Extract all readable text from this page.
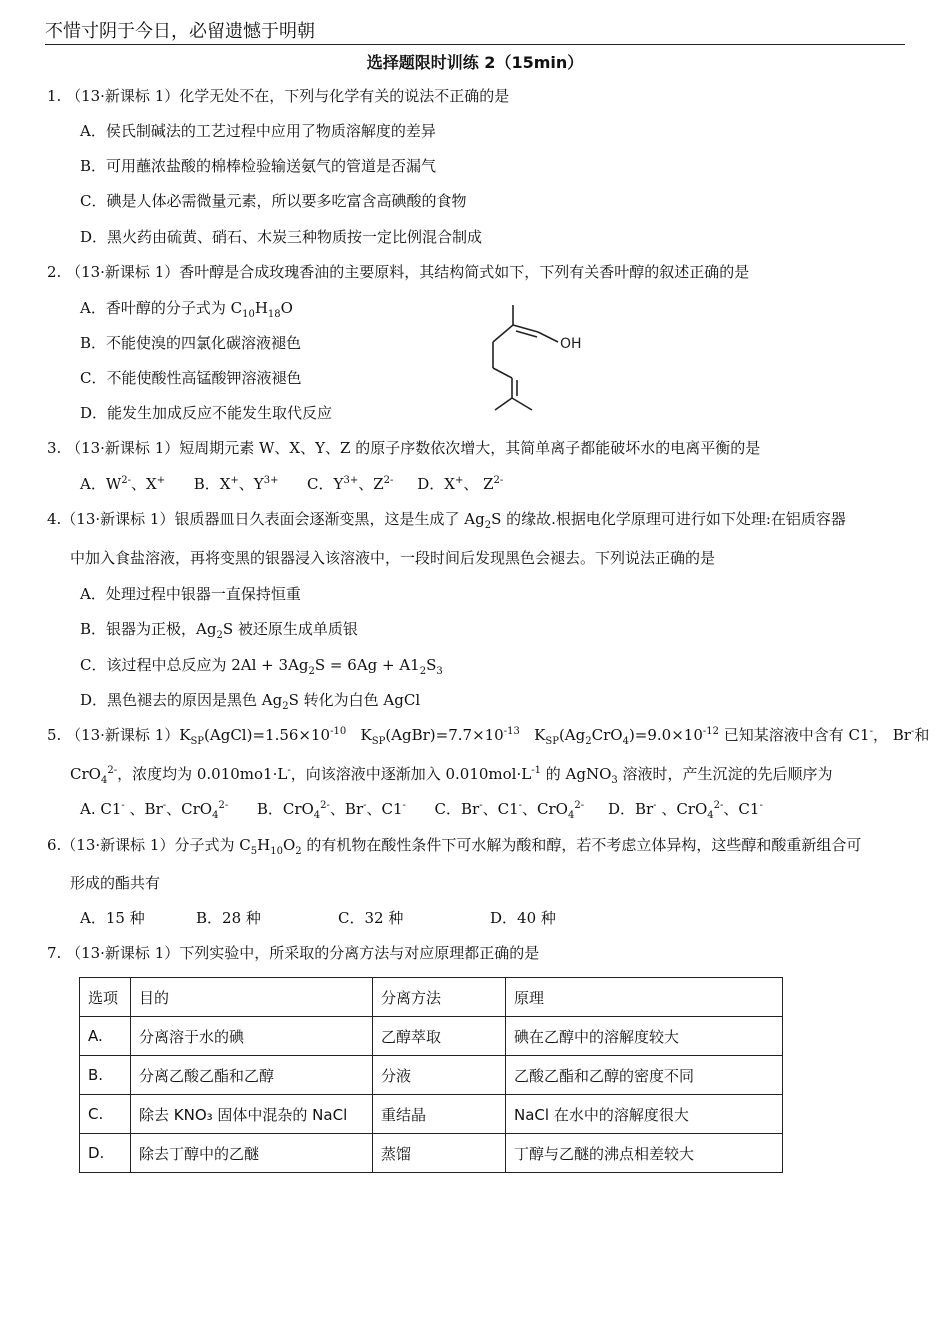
不惜寸阴于今日，必留遗憾于明朝
选择题限时训练 2（15min）
1. （13·新课标 1）化学无处不在，下列与化学有关的说法不正确的是
A．侯氏制碱法的工艺过程中应用了物质溶解度的差异
B．可用蘸浓盐酸的棉棒检验输送氨气的管道是否漏气
C．碘是人体必需微量元素，所以要多吃富含高碘酸的食物
D．黑火药由硫黄、硝石、木炭三种物质按一定比例混合制成
2. （13·新课标 1）香叶醇是合成玫瑰香油的主要原料，其结构简式如下，下列有关香叶醇的叙述正确的是
A．香叶醇的分子式为 $C_{10}H_{18}O$
B．不能使溴的四氯化碳溶液褪色
C．不能使酸性高锰酸钾溶液褪色
D．能发生加成反应不能发生取代反应
OH
3. （13·新课标 1）短周期元素 W、X、Y、Z 的原子序数依次增大，其简单离子都能破坏水的电离平衡的是
A．$W^{2-}$、X+      B．X+、$Y^{3+}$      C．$Y^{3+}$、$Z^{2-}$     D．X+、 $Z^{2-}$
4.（13·新课标 1）银质器皿日久表面会逐渐变黑，这是生成了 $Ag_2S$ 的缘故.根据电化学原理可进行如下处理:在铝质容器
中加入食盐溶液，再将变黑的银器浸入该溶液中，一段时间后发现黑色会褪去。下列说法正确的是
A．处理过程中银器一直保持恒重
B．银器为正极，$Ag_2S$ 被还原生成单质银
C．该过程中总反应为 $2Al + 3Ag_2S = 6Ag + A1_2S_3$
D．黑色褪去的原因是黑色 $Ag_2S$ 转化为白色 AgCl
5. （13·新课标 $1)K_{SP}(AgCl)=1.56\times 10^{-10}$   $K_{SP}(AgBr)=7.7\times 10^{-13}$   $K_{SP}(Ag_2CrO_4)=9.0\times 10^{-12}$ 已知某溶液中含有 C1-， Br-和
CrO$_4^{2-}$，浓度均为 0.010mo1·L-，向该溶液中逐渐加入 $0.010mol\cdot L^{-1}$ 的 AgNO$_3$ 溶液时，产生沉淀的先后顺序为
A. C1- 、Br-、CrO$_4^{2-}$      B．CrO$_4^{2-}$、Br-、C1-      C．Br-、C1-、CrO$_4^{2-}$     D．Br- 、CrO$_4^{2-}$、C1-
6.（13·新课标 1）分子式为 $C_5H_{10}O_2$ 的有机物在酸性条件下可水解为酸和醇，若不考虑立体异构，这些醇和酸重新组合可
形成的酯共有
A．15 种	B．28 种	C．32 种	D．40 种
7. （13·新课标 1）下列实验中，所采取的分离方法与对应原理都正确的是
选项	目的	分离方法	原理
A.	分离溶于水的碘	乙醇萃取	碘在乙醇中的溶解度较大
B.	分离乙酸乙酯和乙醇	分液	乙酸乙酯和乙醇的密度不同
C.	除去 KNO₃ 固体中混杂的 NaCl	重结晶	NaCl 在水中的溶解度很大
D.	除去丁醇中的乙醚	蒸馏	丁醇与乙醚的沸点相差较大
